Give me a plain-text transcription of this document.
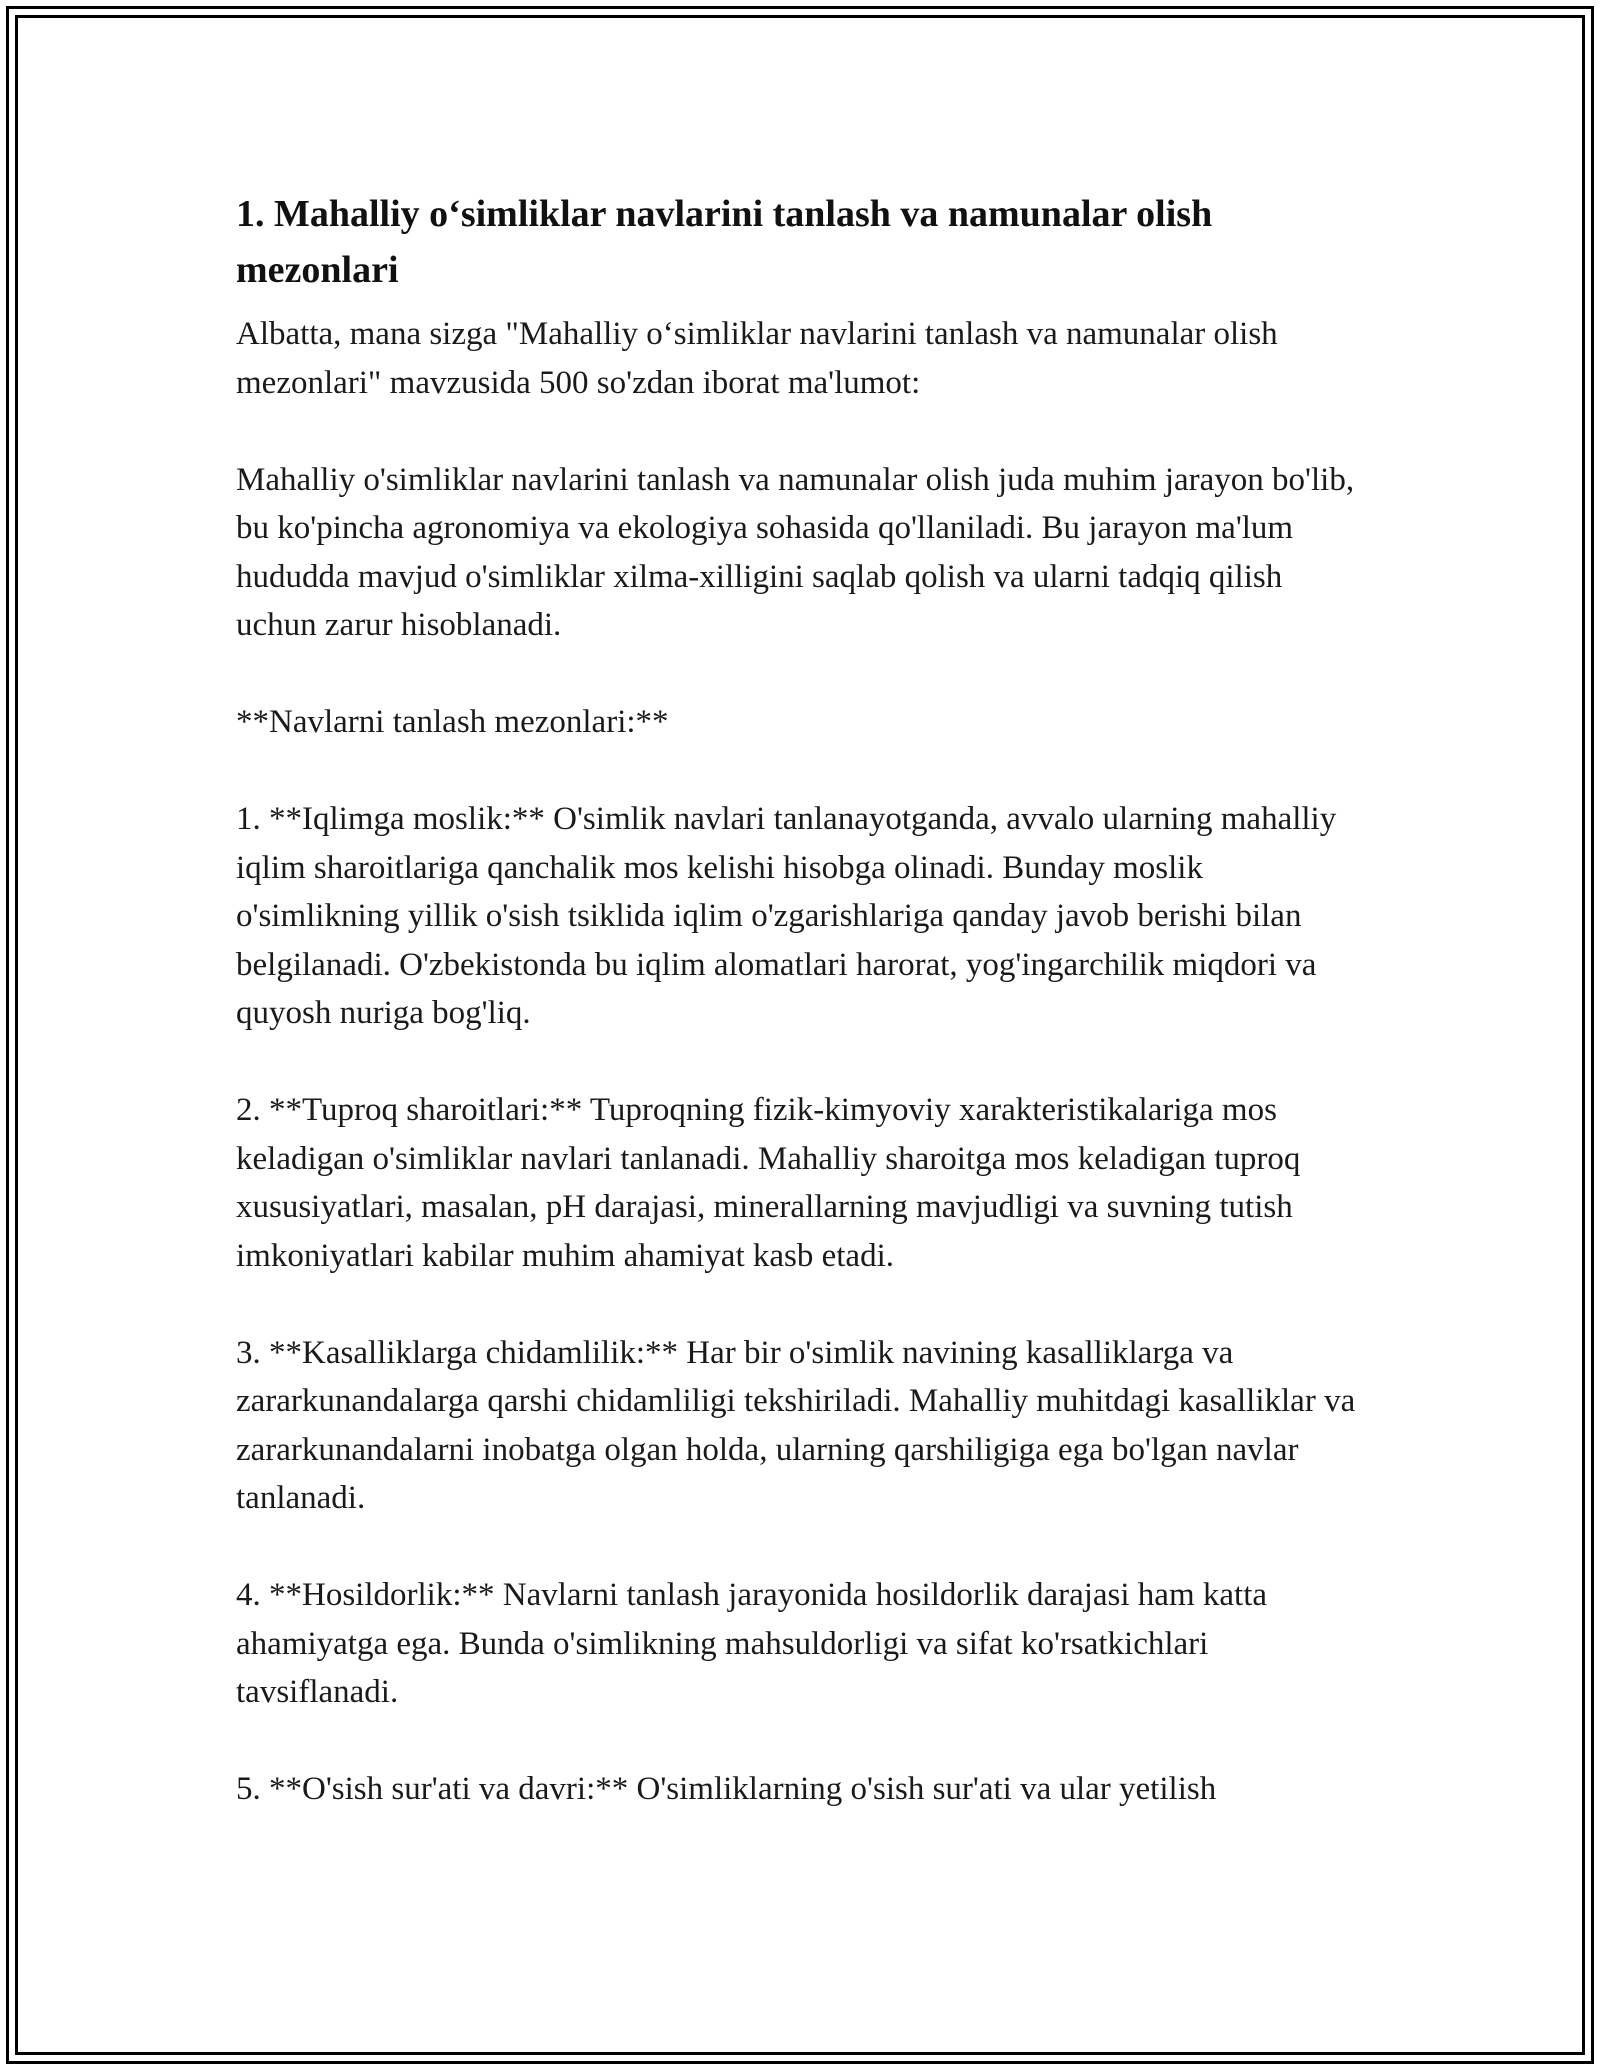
1. Mahalliy o‘simliklar navlarini tanlash va namunalar olish mezonlari

Albatta, mana sizga "Mahalliy o‘simliklar navlarini tanlash va namunalar olish mezonlari" mavzusida 500 so'zdan iborat ma'lumot:

Mahalliy o'simliklar navlarini tanlash va namunalar olish juda muhim jarayon bo'lib, bu ko'pincha agronomiya va ekologiya sohasida qo'llaniladi. Bu jarayon ma'lum hududda mavjud o'simliklar xilma-xilligini saqlab qolish va ularni tadqiq qilish uchun zarur hisoblanadi.

**Navlarni tanlash mezonlari:**

1. **Iqlimga moslik:** O'simlik navlari tanlanayotganda, avvalo ularning mahalliy iqlim sharoitlariga qanchalik mos kelishi hisobga olinadi. Bunday moslik o'simlikning yillik o'sish tsiklida iqlim o'zgarishlariga qanday javob berishi bilan belgilanadi. O'zbekistonda bu iqlim alomatlari harorat, yog'ingarchilik miqdori va quyosh nuriga bog'liq.

2. **Tuproq sharoitlari:** Tuproqning fizik-kimyoviy xarakteristikalariga mos keladigan o'simliklar navlari tanlanadi. Mahalliy sharoitga mos keladigan tuproq xususiyatlari, masalan, pH darajasi, minerallarning mavjudligi va suvning tutish imkoniyatlari kabilar muhim ahamiyat kasb etadi.

3. **Kasalliklarga chidamlilik:** Har bir o'simlik navining kasalliklarga va zararkunandalarga qarshi chidamliligi tekshiriladi. Mahalliy muhitdagi kasalliklar va zararkunandalarni inobatga olgan holda, ularning qarshiligiga ega bo'lgan navlar tanlanadi.

4. **Hosildorlik:** Navlarni tanlash jarayonida hosildorlik darajasi ham katta ahamiyatga ega. Bunda o'simlikning mahsuldorligi va sifat ko'rsatkichlari tavsiflanadi.

5. **O'sish sur'ati va davri:** O'simliklarning o'sish sur'ati va ular yetilish
